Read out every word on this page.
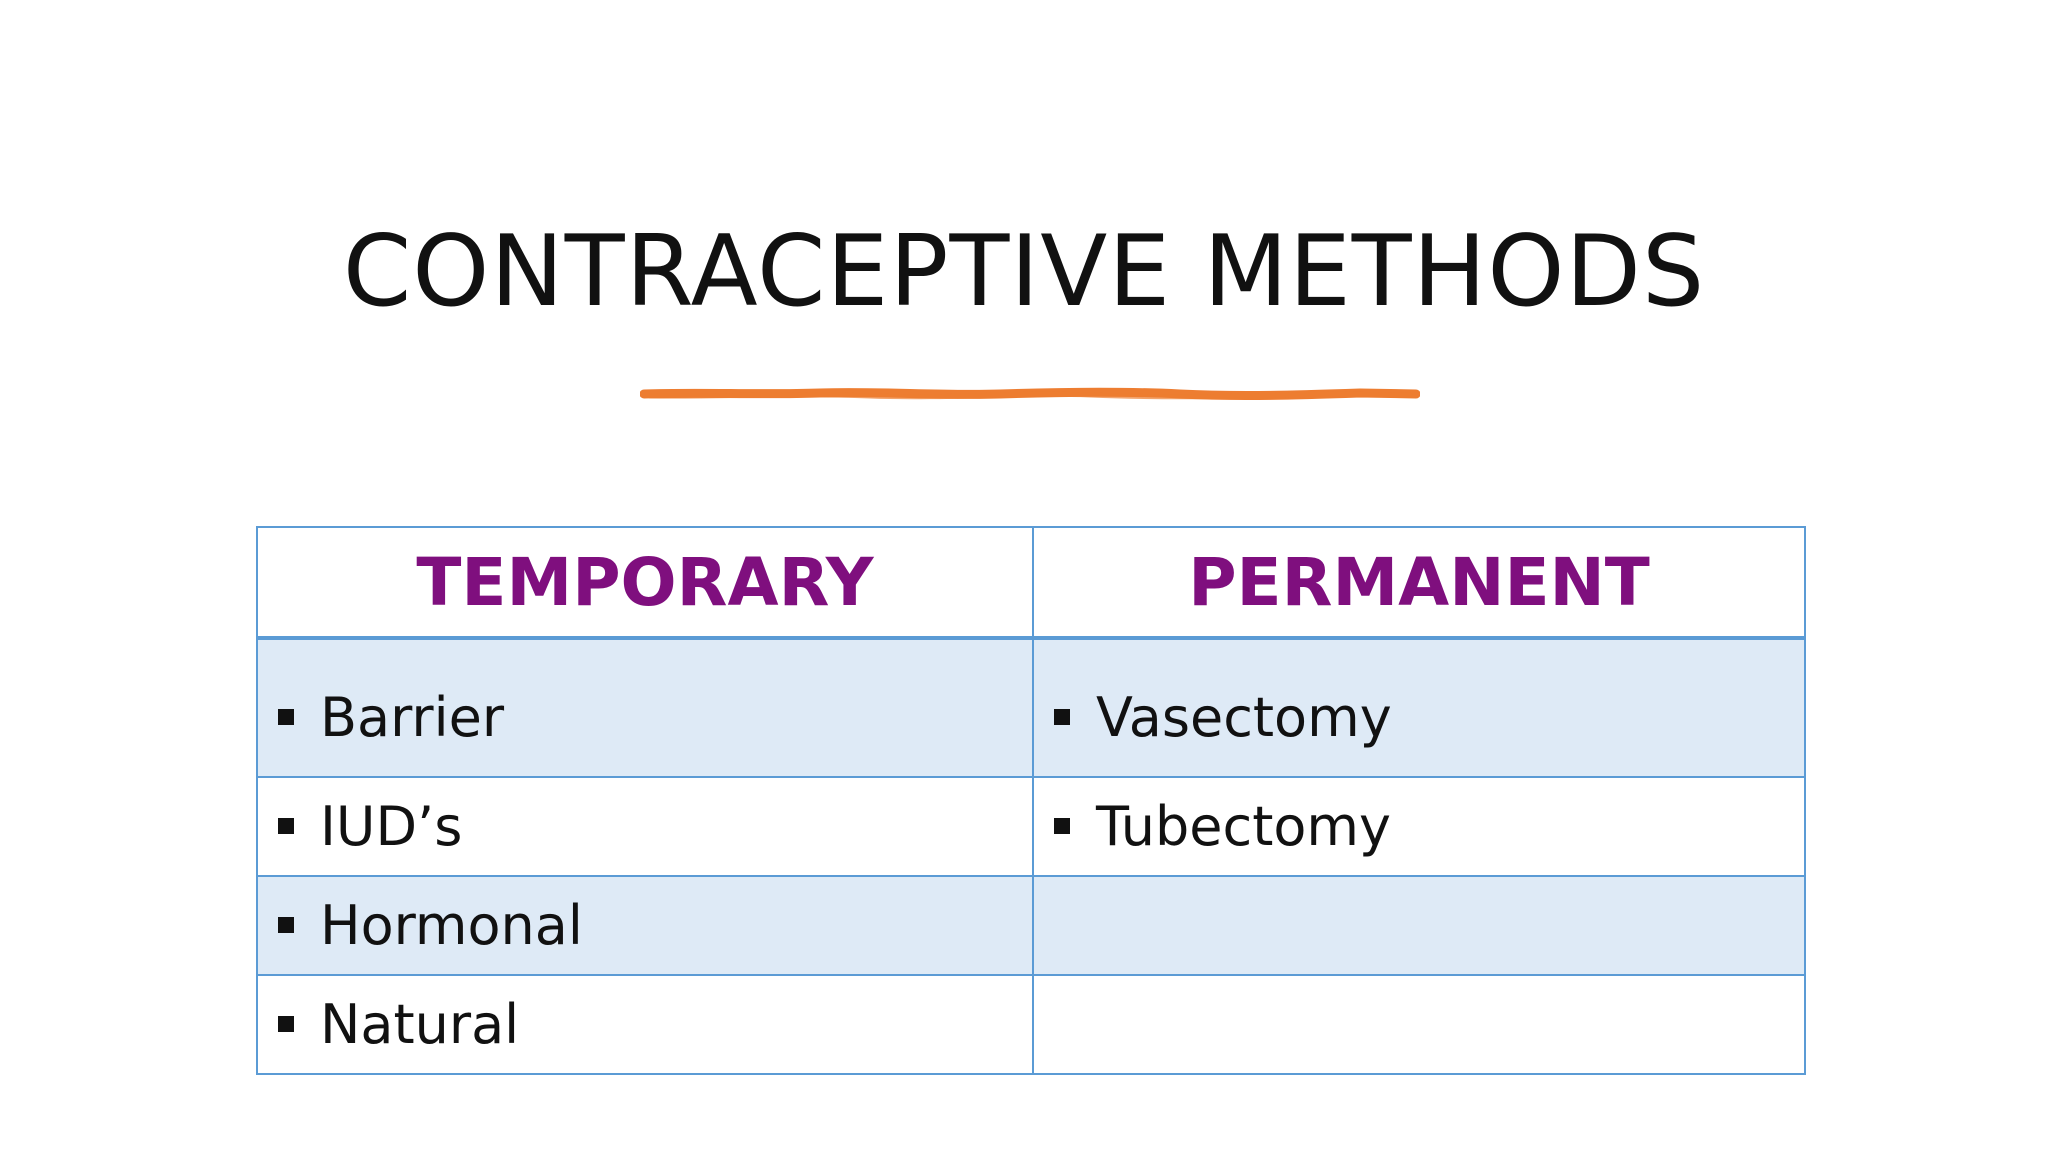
CONTRACEPTIVE METHODS
TEMPORARY	PERMANENT
Barrier	Vasectomy
IUD’s	Tubectomy
Hormonal	
Natural	
